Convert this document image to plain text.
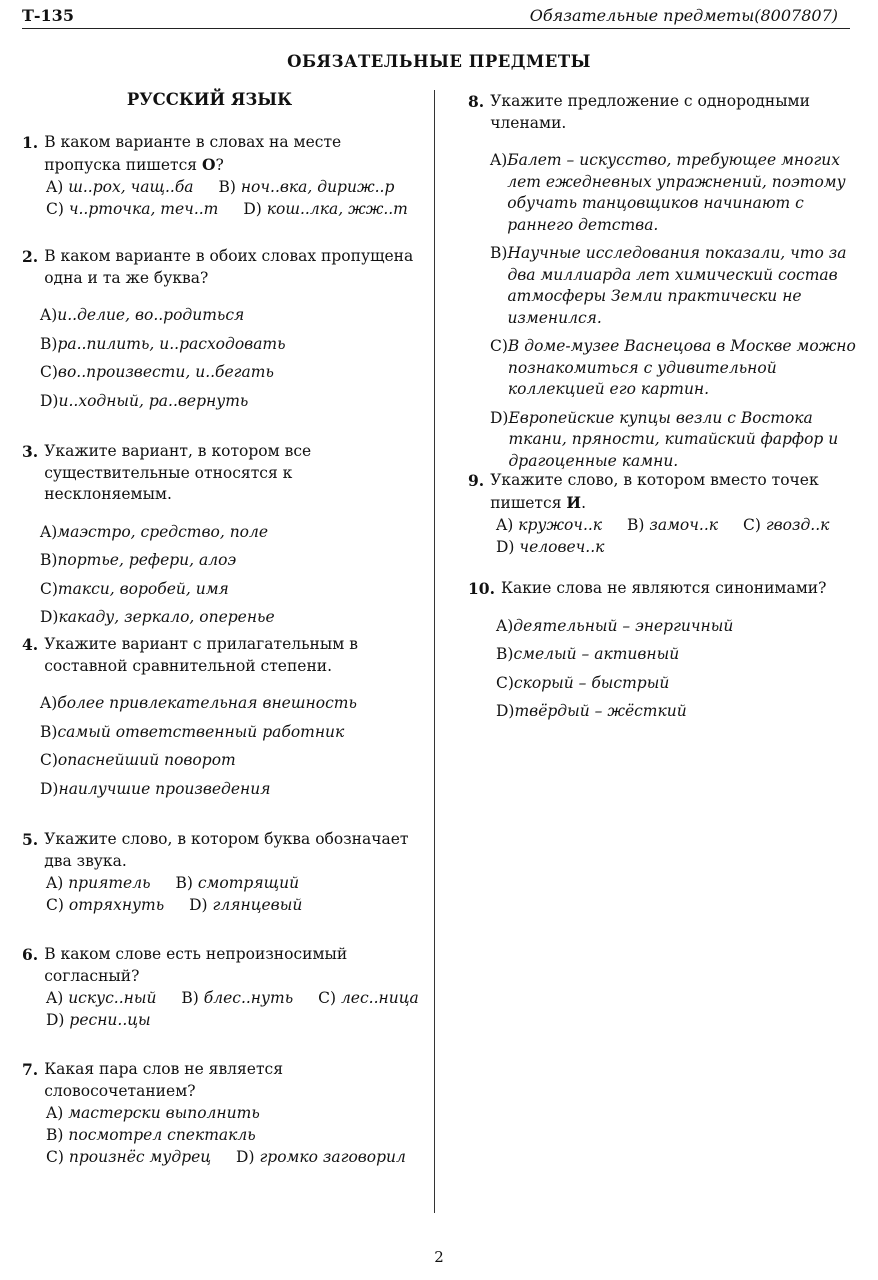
Т-135	Обязательные предметы(8007807)
ОБЯЗАТЕЛЬНЫЕ ПРЕДМЕТЫ
РУССКИЙ ЯЗЫК
1. В каком варианте в словах на месте пропуска пишется О?
A) ш..рох, чащ..ба B) ноч..вка, дириж..р
C) ч..рточка, теч..т D) кош..лка, жж..т
2. В каком варианте в обоих словах пропущена одна и та же буква?
A) и..делие, во..родиться
B) ра..пилить, и..расходовать
C) во..произвести, и..бегать
D) и..ходный, ра..вернуть
3. Укажите вариант, в котором все существительные относятся к несклоняемым.
A) маэстро, средство, поле
B) портье, рефери, алоэ
C) такси, воробей, имя
D) какаду, зеркало, оперенье
4. Укажите вариант с прилагательным в составной сравнительной степени.
A) более привлекательная внешность
B) самый ответственный работник
C) опаснейший поворот
D) наилучшие произведения
5. Укажите слово, в котором буква обозначает два звука.
A) приятель B) смотрящий
C) отряхнуть D) глянцевый
6. В каком слове есть непроизносимый согласный?
A) искус..ный B) блес..нуть C) лес..ница
D) ресни..цы
7. Какая пара слов не является словосочетанием?
A) мастерски выполнить
B) посмотрел спектакль
C) произнёс мудрец D) громко заговорил
8. Укажите предложение с однородными членами.
A) Балет – искусство, требующее многих лет ежедневных упражнений, поэтому обучать танцовщиков начинают с раннего детства.
B) Научные исследования показали, что за два миллиарда лет химический состав атмосферы Земли практически не изменился.
C) В доме-музее Васнецова в Москве можно познакомиться с удивительной коллекцией его картин.
D) Европейские купцы везли с Востока ткани, пряности, китайский фарфор и драгоценные камни.
9. Укажите слово, в котором вместо точек пишется И.
A) кружоч..к B) замоч..к C) гвозд..к
D) человеч..к
10. Какие слова не являются синонимами?
A) деятельный – энергичный
B) смелый – активный
C) скорый – быстрый
D) твёрдый – жёсткий
2
